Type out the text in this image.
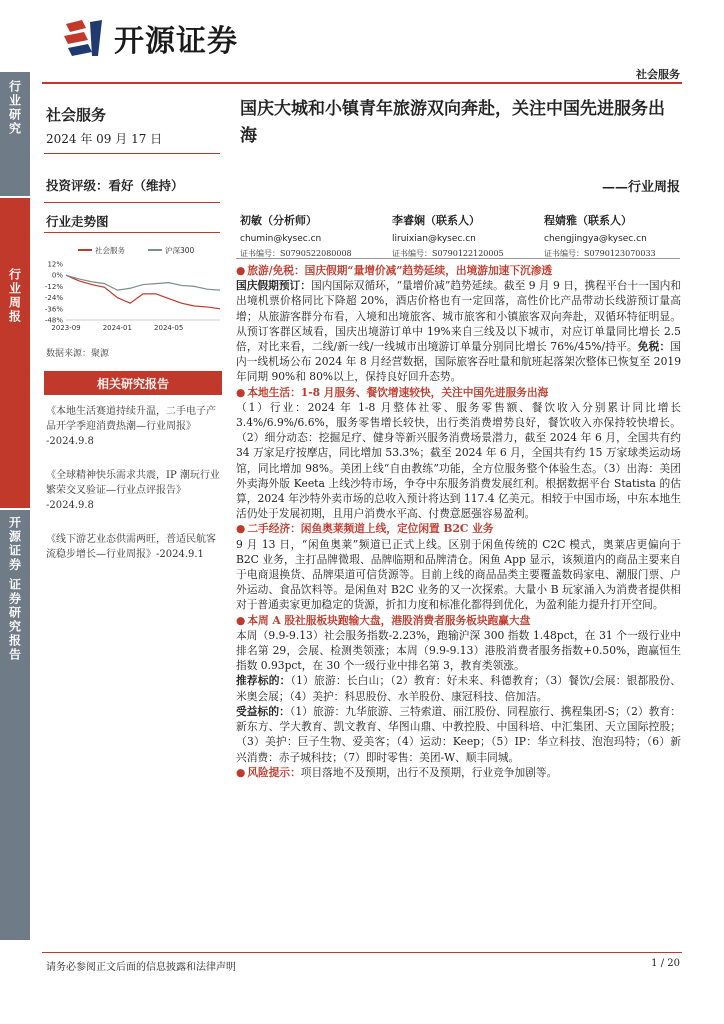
开源证券
社会服务
行业研究
行业周报
开源证券 证券研究报告
社会服务
2024 年 09 月 17 日
投资评级：看好（维持）
行业走势图
社会服务	沪深300
12%
0%
-12%
-24%
-36%
-48%
2023-09	2024-01	2024-05
数据来源：聚源
相关研究报告
《本地生活赛道持续升温，二手电子产品开学季迎消费热潮—行业周报》
-2024.9.8
《全球精神快乐需求共震，IP 潮玩行业繁荣交叉验证—行业点评报告》
-2024.9.8
《线下游艺业态供需两旺，普适民航客流稳步增长—行业周报》-2024.9.1
国庆大城和小镇青年旅游双向奔赴，关注中国先进服务出海
——行业周报
初敏（分析师）
chumin@kysec.cn
证书编号：S0790522080008
李睿娴（联系人）
liruixian@kysec.cn
证书编号：S0790122120005
程婧雅（联系人）
chengjingya@kysec.cn
证书编号：S0790123070033

● 旅游/免税：国庆假期“量增价减”趋势延续，出境游加速下沉渗透

国庆假期预订：国内国际双循环，“量增价减”趋势延续。截至 9 月 9 日，携程平台十一国内和出境机票价格同比下降超 20%，酒店价格也有一定回落，高性价比产品带动长线游预订量高增；从旅游客群分布看，入境和出境旅客、城市旅客和小镇旅客双向奔赴，双循环特征明显。从预订客群区域看，国庆出境游订单中 19%来自三线及以下城市，对应订单量同比增长 2.5 倍，对比来看，二线/新一线/一线城市出境游订单量分别同比增长 76%/45%/持平。免税：国内一线机场公布 2024 年 8 月经营数据，国际旅客吞吐量和航班起落架次整体已恢复至 2019 年同期 90%和 80%以上，保持良好回升态势。

● 本地生活：1-8 月服务、餐饮增速较快，关注中国先进服务出海

（1）行业：2024 年 1-8 月整体社零、服务零售额、餐饮收入分别累计同比增长 3.4%/6.9%/6.6%，服务零售增长较快，出行类消费增势良好，餐饮收入亦保持较快增长。（2）细分动态：挖掘足疗、健身等新兴服务消费场景潜力，截至 2024 年 6 月，全国共有约 34 万家足疗按摩店，同比增加 53.3%；截至 2024 年 6 月，全国共有约 15 万家球类运动场馆，同比增加 98%。美团上线“自由教练”功能，全方位服务整个体验生态。（3）出海：美团外卖海外版 Keeta 上线沙特市场，争夺中东服务消费发展红利。根据数据平台 Statista 的估算，2024 年沙特外卖市场的总收入预计将达到 117.4 亿美元。相较于中国市场，中东本地生活仍处于发展初期，且用户消费水平高、付费意愿强容易盈利。

● 二手经济：闲鱼奥莱频道上线，定位闲置 B2C 业务

9 月 13 日，“闲鱼奥莱”频道已正式上线。区别于闲鱼传统的 C2C 模式，奥莱店更偏向于 B2C 业务，主打品牌微瑕、品牌临期和品牌清仓。闲鱼 App 显示，该频道内的商品主要来自于电商退换货、品牌渠道可信货源等。目前上线的商品品类主要覆盖数码家电、潮服门票、户外运动、食品饮料等。是闲鱼对 B2C 业务的又一次探索。大量小 B 玩家涌入为消费者提供相对于普通卖家更加稳定的货源，折扣力度和标准化都得到优化，为盈利能力提升打开空间。

● 本周 A 股社服板块跑输大盘，港股消费者服务板块跑赢大盘

本周（9.9-9.13）社会服务指数-2.23%，跑输沪深 300 指数 1.48pct，在 31 个一级行业中排名第 29，会展、检测类领涨；本周（9.9-9.13）港股消费者服务指数+0.50%，跑赢恒生指数 0.93pct，在 30 个一级行业中排名第 3，教育类领涨。

推荐标的：（1）旅游：长白山；（2）教育：好未来、科德教育；（3）餐饮/会展：银都股份、米奥会展；（4）美护：科思股份、水羊股份、康冠科技、倍加洁。

受益标的：（1）旅游：九华旅游、三特索道、丽江股份、同程旅行、携程集团-S；（2）教育：新东方、学大教育、凯文教育、华图山鼎、中教控股、中国科培、中汇集团、天立国际控股；（3）美护：巨子生物、爱美客；（4）运动：Keep；（5）IP：华立科技、泡泡玛特；（6）新兴消费：赤子城科技；（7）即时零售：美团-W、顺丰同城。

● 风险提示：项目落地不及预期，出行不及预期，行业竞争加剧等。

请务必参阅正文后面的信息披露和法律声明	1 / 20
